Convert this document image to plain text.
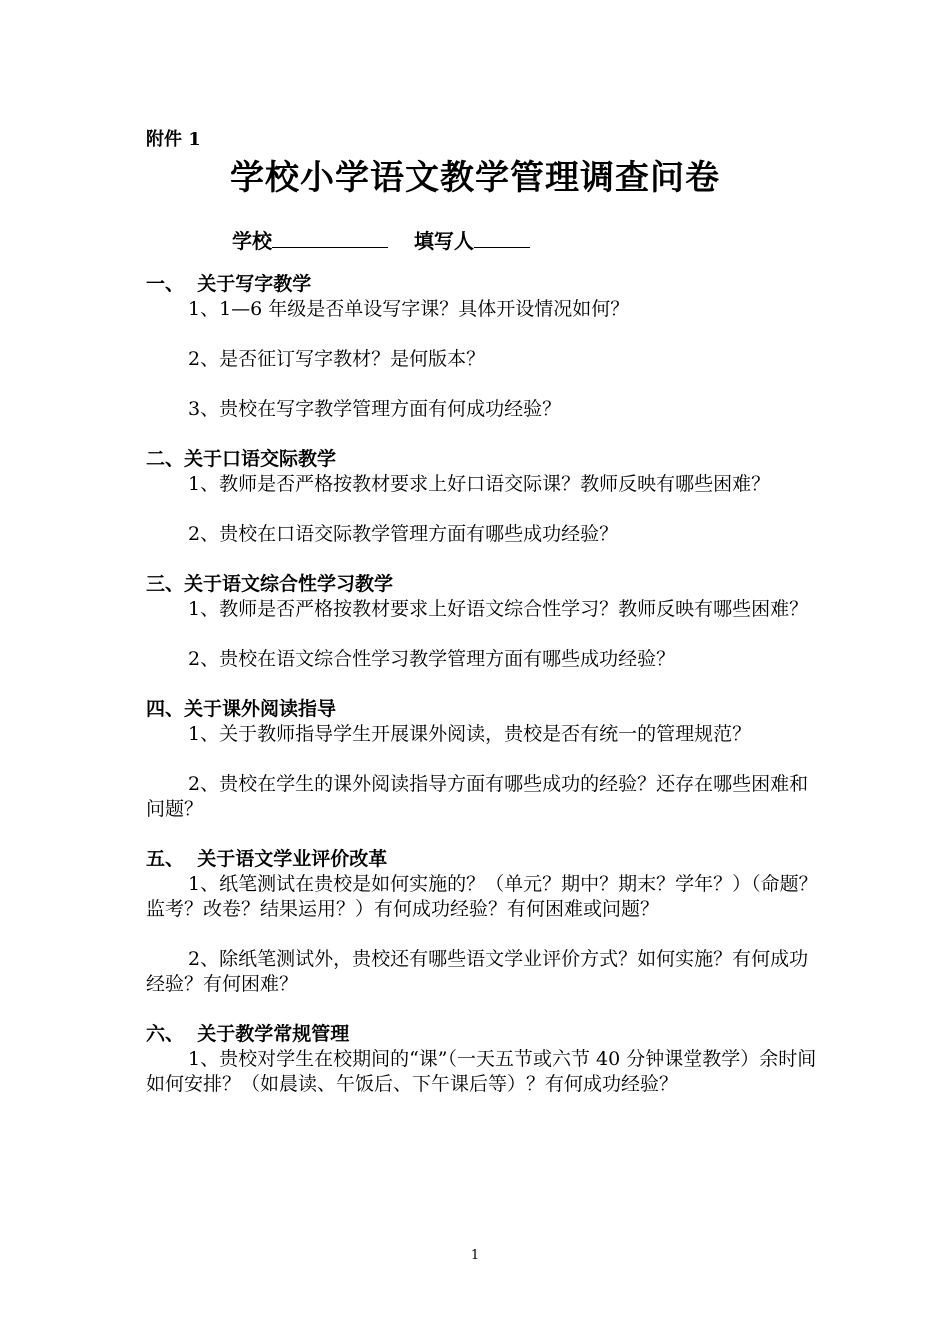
附件 1
学校小学语文教学管理调查问卷
学校	填写人

一、  关于写字教学

1、1—6 年级是否单设写字课？具体开设情况如何？

2、是否征订写字教材？是何版本？

3、贵校在写字教学管理方面有何成功经验？

二、关于口语交际教学

1、教师是否严格按教材要求上好口语交际课？教师反映有哪些困难？

2、贵校在口语交际教学管理方面有哪些成功经验？

三、关于语文综合性学习教学

1、教师是否严格按教材要求上好语文综合性学习？教师反映有哪些困难？

2、贵校在语文综合性学习教学管理方面有哪些成功经验？

四、关于课外阅读指导

1、关于教师指导学生开展课外阅读，贵校是否有统一的管理规范？

2、贵校在学生的课外阅读指导方面有哪些成功的经验？还存在哪些困难和问题？

五、  关于语文学业评价改革

1、纸笔测试在贵校是如何实施的？（单元？期中？期末？学年？）（命题？监考？改卷？结果运用？）有何成功经验？有何困难或问题？

2、除纸笔测试外，贵校还有哪些语文学业评价方式？如何实施？有何成功经验？有何困难？

六、  关于教学常规管理

1、贵校对学生在校期间的“课”（一天五节或六节 40 分钟课堂教学）余时间如何安排？（如晨读、午饭后、下午课后等）？有何成功经验？

1
